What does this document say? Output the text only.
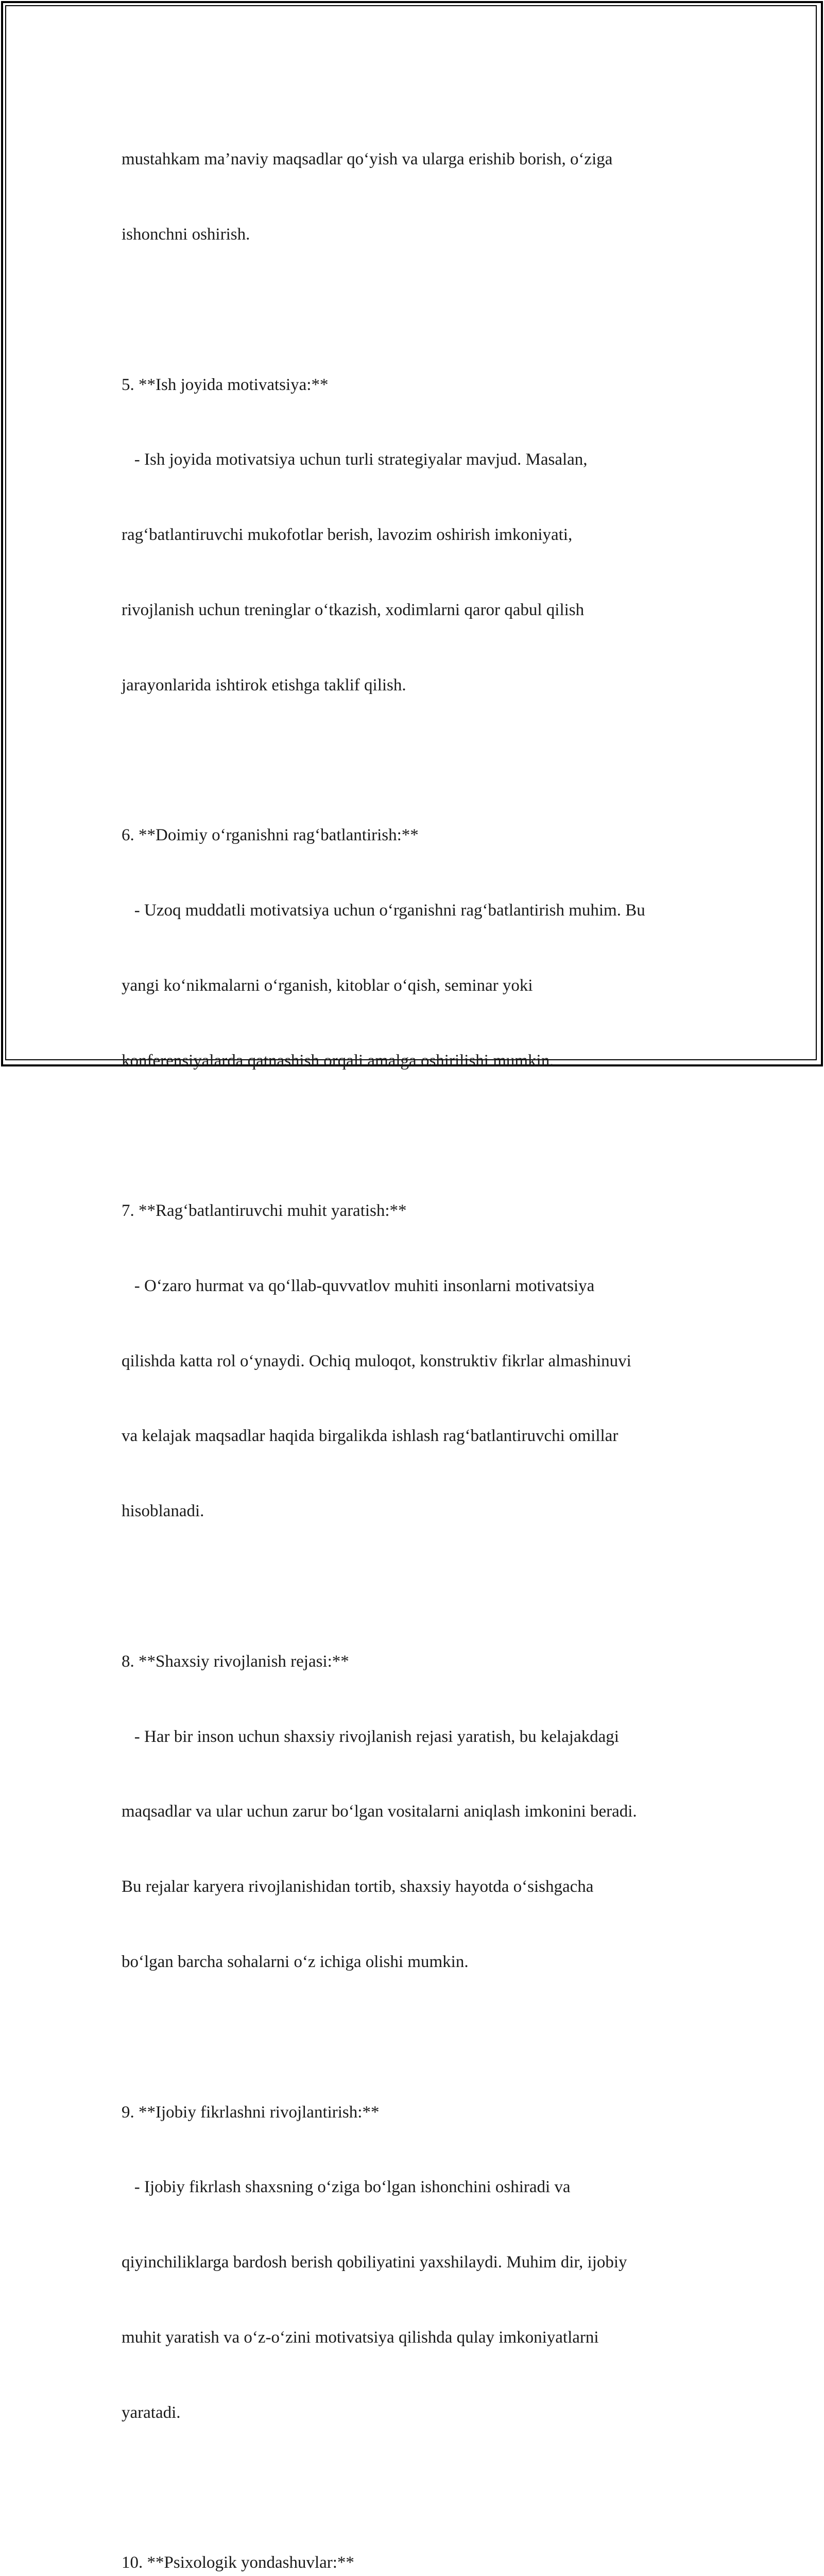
mustahkam ma’naviy maqsadlar qo‘yish va ularga erishib borish, o‘ziga

ishonchni oshirish.

5. **Ish joyida motivatsiya:**

- Ish joyida motivatsiya uchun turli strategiyalar mavjud. Masalan,

rag‘batlantiruvchi mukofotlar berish, lavozim oshirish imkoniyati,

rivojlanish uchun treninglar o‘tkazish, xodimlarni qaror qabul qilish

jarayonlarida ishtirok etishga taklif qilish.

6. **Doimiy o‘rganishni rag‘batlantirish:**

- Uzoq muddatli motivatsiya uchun o‘rganishni rag‘batlantirish muhim. Bu

yangi ko‘nikmalarni o‘rganish, kitoblar o‘qish, seminar yoki

konferensiyalarda qatnashish orqali amalga oshirilishi mumkin.

7. **Rag‘batlantiruvchi muhit yaratish:**

- O‘zaro hurmat va qo‘llab-quvvatlov muhiti insonlarni motivatsiya

qilishda katta rol o‘ynaydi. Ochiq muloqot, konstruktiv fikrlar almashinuvi

va kelajak maqsadlar haqida birgalikda ishlash rag‘batlantiruvchi omillar

hisoblanadi.

8. **Shaxsiy rivojlanish rejasi:**

- Har bir inson uchun shaxsiy rivojlanish rejasi yaratish, bu kelajakdagi

maqsadlar va ular uchun zarur bo‘lgan vositalarni aniqlash imkonini beradi.

Bu rejalar karyera rivojlanishidan tortib, shaxsiy hayotda o‘sishgacha

bo‘lgan barcha sohalarni o‘z ichiga olishi mumkin.

9. **Ijobiy fikrlashni rivojlantirish:**

- Ijobiy fikrlash shaxsning o‘ziga bo‘lgan ishonchini oshiradi va

qiyinchiliklarga bardosh berish qobiliyatini yaxshilaydi. Muhim dir, ijobiy

muhit yaratish va o‘z-o‘zini motivatsiya qilishda qulay imkoniyatlarni

yaratadi.

10. **Psixologik yondashuvlar:**
